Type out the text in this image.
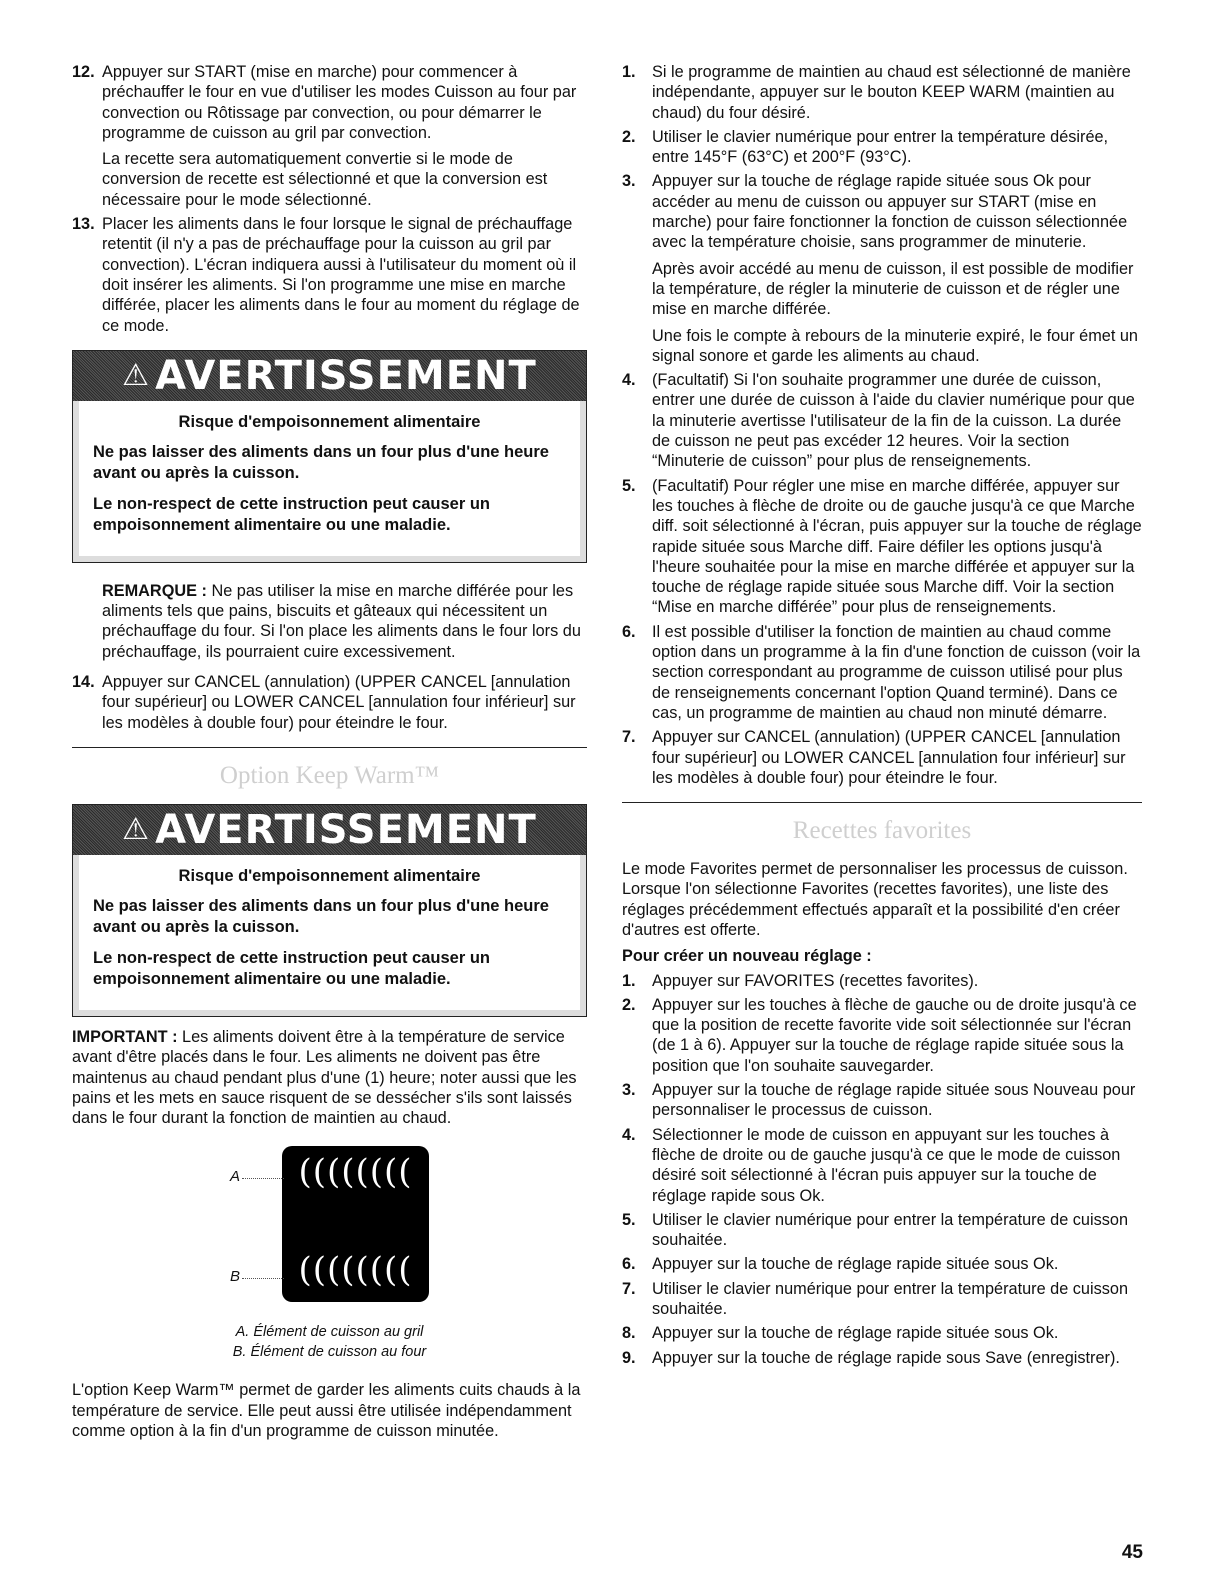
12. Appuyer sur START (mise en marche) pour commencer à préchauffer le four en vue d'utiliser les modes Cuisson au four par convection ou Rôtissage par convection, ou pour démarrer le programme de cuisson au gril par convection.

La recette sera automatiquement convertie si le mode de conversion de recette est sélectionné et que la conversion est nécessaire pour le mode sélectionné.

13. Placer les aliments dans le four lorsque le signal de préchauffage retentit (il n'y a pas de préchauffage pour la cuisson au gril par convection). L'écran indiquera aussi à l'utilisateur du moment où il doit insérer les aliments. Si l'on programme une mise en marche différée, placer les aliments dans le four au moment du réglage de ce mode.

⚠ AVERTISSEMENT
Risque d'empoisonnement alimentaire
Ne pas laisser des aliments dans un four plus d'une heure avant ou après la cuisson.
Le non-respect de cette instruction peut causer un empoisonnement alimentaire ou une maladie.

REMARQUE : Ne pas utiliser la mise en marche différée pour les aliments tels que pains, biscuits et gâteaux qui nécessitent un préchauffage du four. Si l'on place les aliments dans le four lors du préchauffage, ils pourraient cuire excessivement.

14. Appuyer sur CANCEL (annulation) (UPPER CANCEL [annulation four supérieur] ou LOWER CANCEL [annulation four inférieur] sur les modèles à double four) pour éteindre le four.

Option Keep Warm™
⚠ AVERTISSEMENT
Risque d'empoisonnement alimentaire
Ne pas laisser des aliments dans un four plus d'une heure avant ou après la cuisson.
Le non-respect de cette instruction peut causer un empoisonnement alimentaire ou une maladie.

IMPORTANT : Les aliments doivent être à la température de service avant d'être placés dans le four. Les aliments ne doivent pas être maintenus au chaud pendant plus d'une (1) heure; noter aussi que les pains et les mets en sauce risquent de se dessécher s'ils sont laissés dans le four durant la fonction de maintien au chaud.

((((((((
((((((((
A
B
A. Élément de cuisson au gril
B. Élément de cuisson au four

L'option Keep Warm™ permet de garder les aliments cuits chauds à la température de service. Elle peut aussi être utilisée indépendamment comme option à la fin d'un programme de cuisson minutée.

1. Si le programme de maintien au chaud est sélectionné de manière indépendante, appuyer sur le bouton KEEP WARM (maintien au chaud) du four désiré.

2. Utiliser le clavier numérique pour entrer la température désirée, entre 145°F (63°C) et 200°F (93°C).

3. Appuyer sur la touche de réglage rapide située sous Ok pour accéder au menu de cuisson ou appuyer sur START (mise en marche) pour faire fonctionner la fonction de cuisson sélectionnée avec la température choisie, sans programmer de minuterie.

Après avoir accédé au menu de cuisson, il est possible de modifier la température, de régler la minuterie de cuisson et de régler une mise en marche différée.

Une fois le compte à rebours de la minuterie expiré, le four émet un signal sonore et garde les aliments au chaud.

4. (Facultatif) Si l'on souhaite programmer une durée de cuisson, entrer une durée de cuisson à l'aide du clavier numérique pour que la minuterie avertisse l'utilisateur de la fin de la cuisson. La durée de cuisson ne peut pas excéder 12 heures. Voir la section “Minuterie de cuisson” pour plus de renseignements.

5. (Facultatif) Pour régler une mise en marche différée, appuyer sur les touches à flèche de droite ou de gauche jusqu'à ce que Marche diff. soit sélectionné à l'écran, puis appuyer sur la touche de réglage rapide située sous Marche diff. Faire défiler les options jusqu'à l'heure souhaitée pour la mise en marche différée et appuyer sur la touche de réglage rapide située sous Marche diff. Voir la section “Mise en marche différée” pour plus de renseignements.

6. Il est possible d'utiliser la fonction de maintien au chaud comme option dans un programme à la fin d'une fonction de cuisson (voir la section correspondant au programme de cuisson utilisé pour plus de renseignements concernant l'option Quand terminé). Dans ce cas, un programme de maintien au chaud non minuté démarre.

7. Appuyer sur CANCEL (annulation) (UPPER CANCEL [annulation four supérieur] ou LOWER CANCEL [annulation four inférieur] sur les modèles à double four) pour éteindre le four.

Recettes favorites

Le mode Favorites permet de personnaliser les processus de cuisson. Lorsque l'on sélectionne Favorites (recettes favorites), une liste des réglages précédemment effectués apparaît et la possibilité d'en créer d'autres est offerte.

Pour créer un nouveau réglage :

1. Appuyer sur FAVORITES (recettes favorites).

2. Appuyer sur les touches à flèche de gauche ou de droite jusqu'à ce que la position de recette favorite vide soit sélectionnée sur l'écran (de 1 à 6). Appuyer sur la touche de réglage rapide située sous la position que l'on souhaite sauvegarder.

3. Appuyer sur la touche de réglage rapide située sous Nouveau pour personnaliser le processus de cuisson.

4. Sélectionner le mode de cuisson en appuyant sur les touches à flèche de droite ou de gauche jusqu'à ce que le mode de cuisson désiré soit sélectionné à l'écran puis appuyer sur la touche de réglage rapide sous Ok.

5. Utiliser le clavier numérique pour entrer la température de cuisson souhaitée.

6. Appuyer sur la touche de réglage rapide située sous Ok.

7. Utiliser le clavier numérique pour entrer la température de cuisson souhaitée.

8. Appuyer sur la touche de réglage rapide située sous Ok.

9. Appuyer sur la touche de réglage rapide sous Save (enregistrer).

45
